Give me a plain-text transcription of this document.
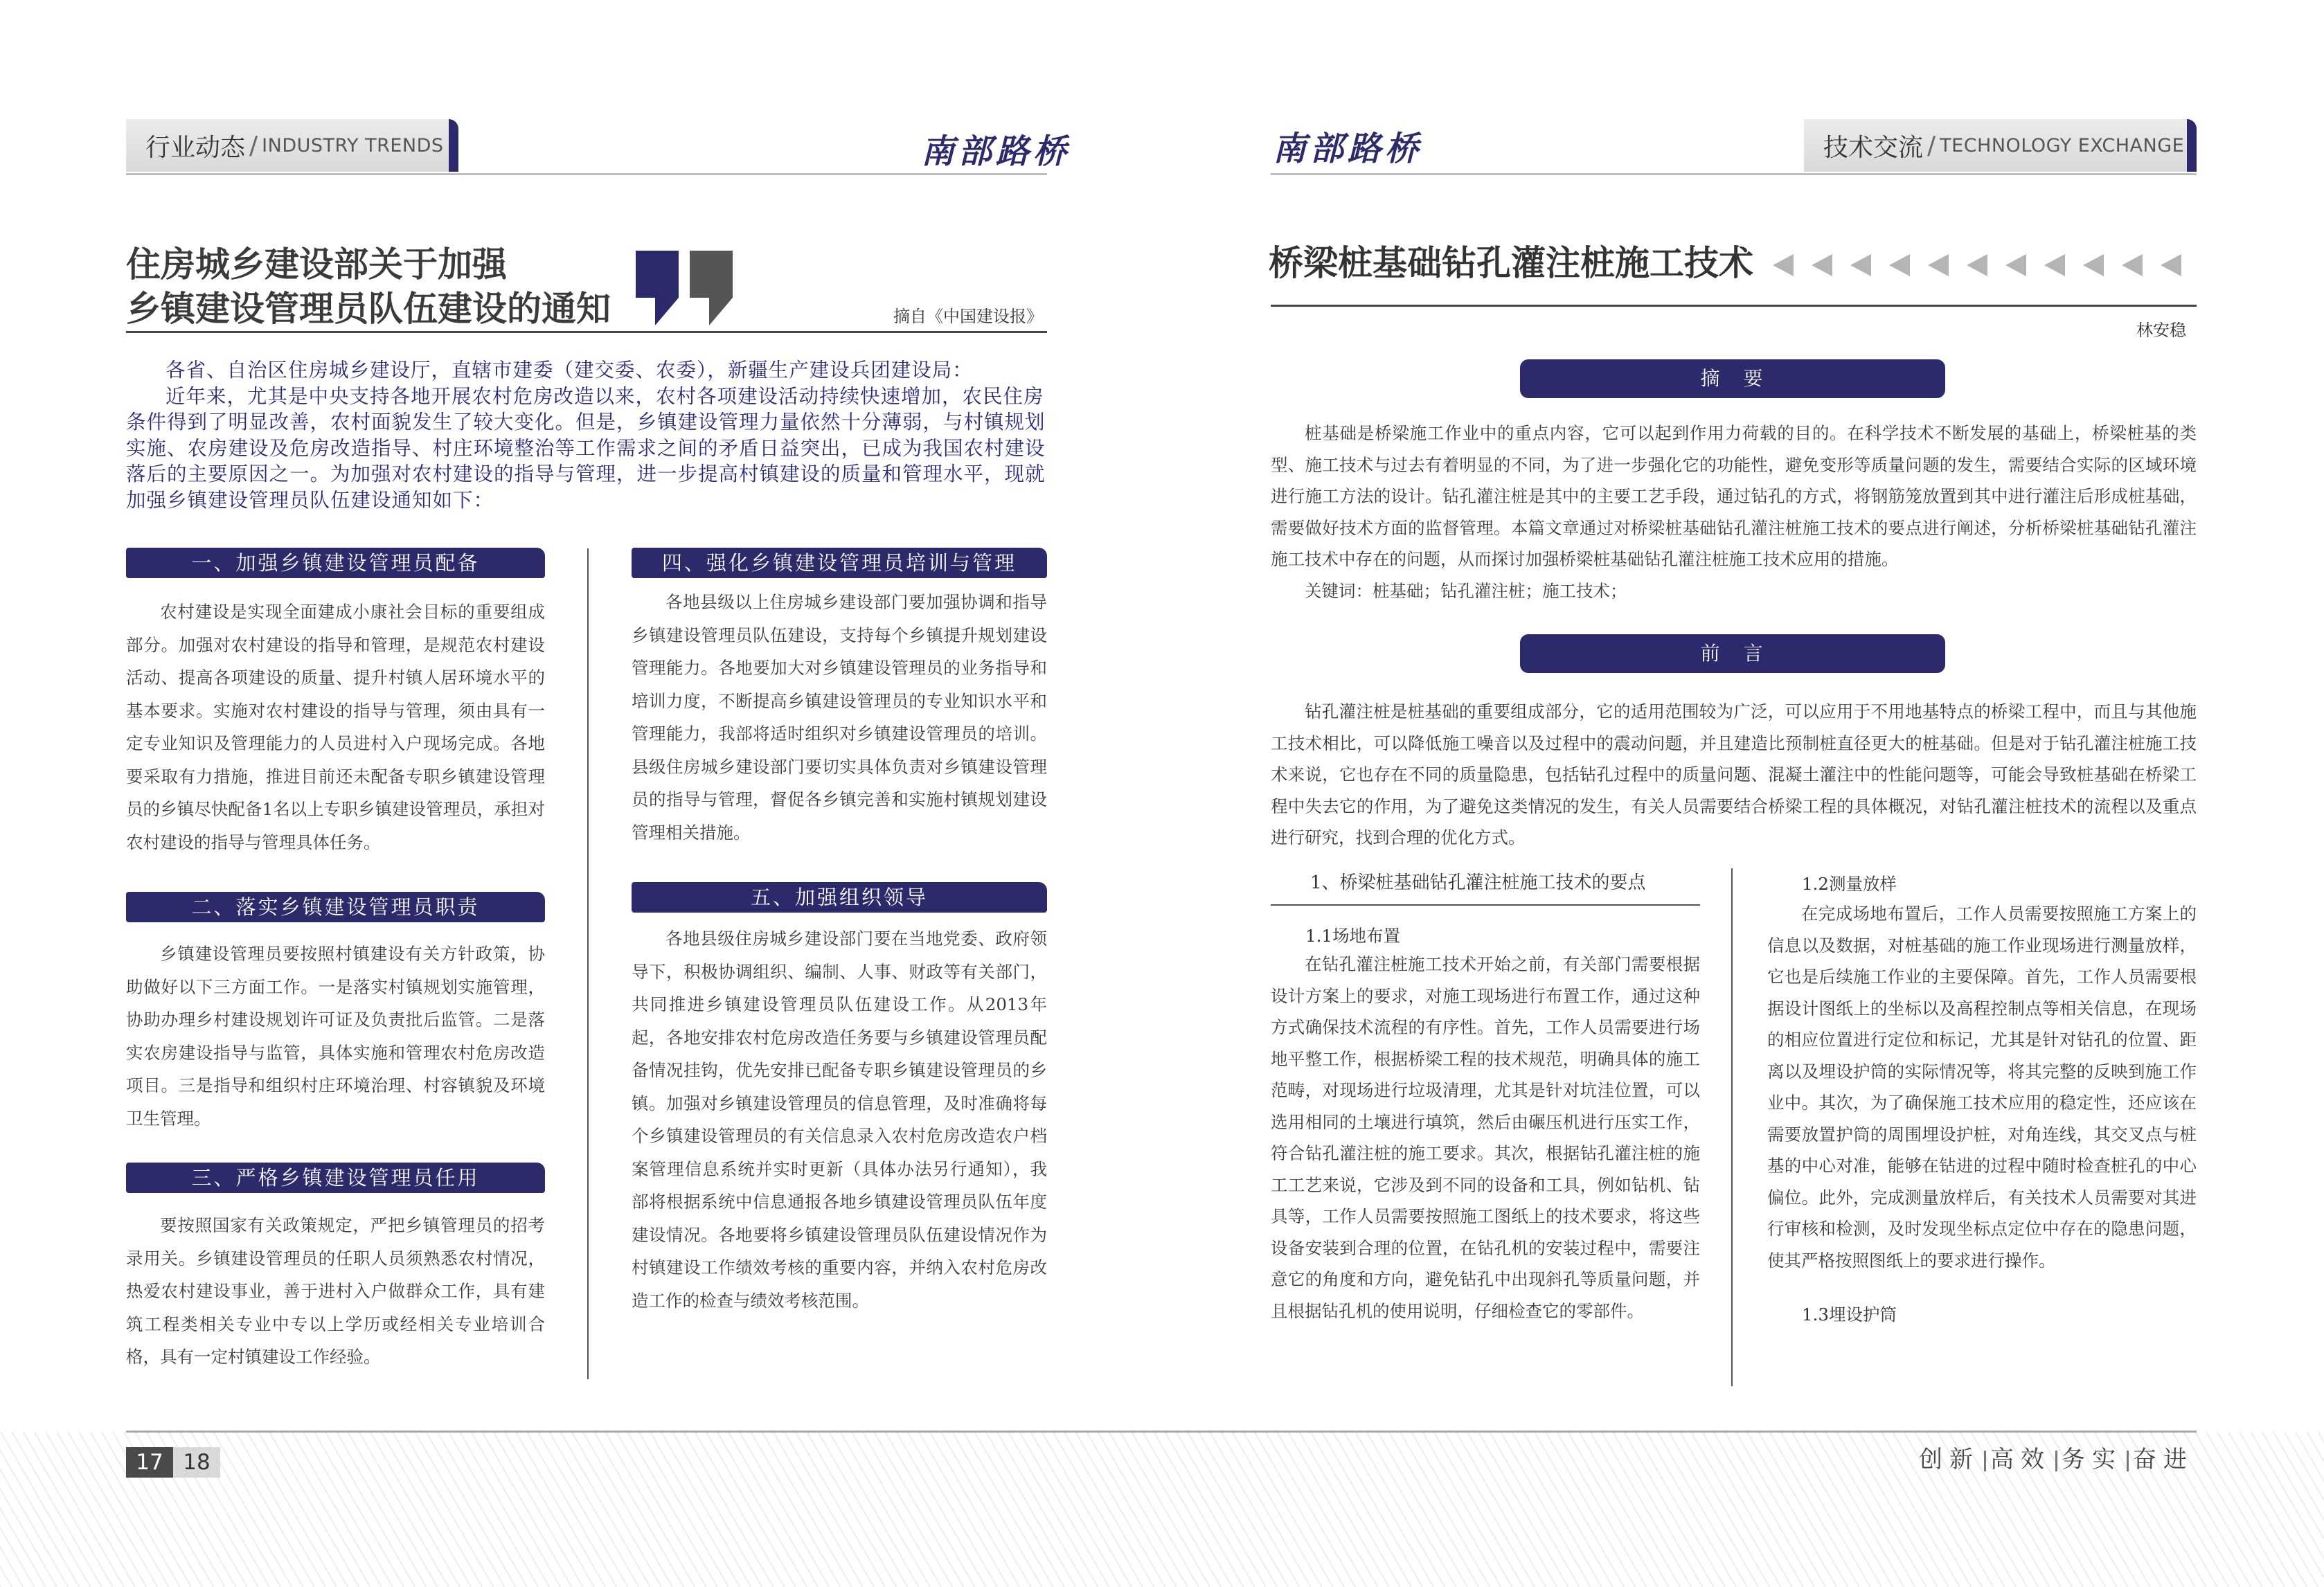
行业动态 / INDUSTRY TRENDS	南部路桥
住房城乡建设部关于加强
乡镇建设管理员队伍建设的通知	摘自《中国建设报》

各省、自治区住房城乡建设厅，直辖市建委（建交委、农委），新疆生产建设兵团建设局：

近年来，尤其是中央支持各地开展农村危房改造以来，农村各项建设活动持续快速增加，农民住房条件得到了明显改善，农村面貌发生了较大变化。但是，乡镇建设管理力量依然十分薄弱，与村镇规划实施、农房建设及危房改造指导、村庄环境整治等工作需求之间的矛盾日益突出，已成为我国农村建设落后的主要原因之一。为加强对农村建设的指导与管理，进一步提高村镇建设的质量和管理水平，现就加强乡镇建设管理员队伍建设通知如下：

一、加强乡镇建设管理员配备

农村建设是实现全面建成小康社会目标的重要组成部分。加强对农村建设的指导和管理，是规范农村建设活动、提高各项建设的质量、提升村镇人居环境水平的基本要求。实施对农村建设的指导与管理，须由具有一定专业知识及管理能力的人员进村入户现场完成。各地要采取有力措施，推进目前还未配备专职乡镇建设管理员的乡镇尽快配备1名以上专职乡镇建设管理员，承担对农村建设的指导与管理具体任务。

二、落实乡镇建设管理员职责

乡镇建设管理员要按照村镇建设有关方针政策，协助做好以下三方面工作。一是落实村镇规划实施管理，协助办理乡村建设规划许可证及负责批后监管。二是落实农房建设指导与监管，具体实施和管理农村危房改造项目。三是指导和组织村庄环境治理、村容镇貌及环境卫生管理。

三、严格乡镇建设管理员任用

要按照国家有关政策规定，严把乡镇管理员的招考录用关。乡镇建设管理员的任职人员须熟悉农村情况，热爱农村建设事业，善于进村入户做群众工作，具有建筑工程类相关专业中专以上学历或经相关专业培训合格，具有一定村镇建设工作经验。

四、强化乡镇建设管理员培训与管理

各地县级以上住房城乡建设部门要加强协调和指导乡镇建设管理员队伍建设，支持每个乡镇提升规划建设管理能力。各地要加大对乡镇建设管理员的业务指导和培训力度，不断提高乡镇建设管理员的专业知识水平和管理能力，我部将适时组织对乡镇建设管理员的培训。县级住房城乡建设部门要切实具体负责对乡镇建设管理员的指导与管理，督促各乡镇完善和实施村镇规划建设管理相关措施。

五、加强组织领导

各地县级住房城乡建设部门要在当地党委、政府领导下，积极协调组织、编制、人事、财政等有关部门，共同推进乡镇建设管理员队伍建设工作。从2013年起，各地安排农村危房改造任务要与乡镇建设管理员配备情况挂钩，优先安排已配备专职乡镇建设管理员的乡镇。加强对乡镇建设管理员的信息管理，及时准确将每个乡镇建设管理员的有关信息录入农村危房改造农户档案管理信息系统并实时更新（具体办法另行通知），我部将根据系统中信息通报各地乡镇建设管理员队伍年度建设情况。各地要将乡镇建设管理员队伍建设情况作为村镇建设工作绩效考核的重要内容，并纳入农村危房改造工作的检查与绩效考核范围。

南部路桥	技术交流 / TECHNOLOGY EXCHANGE
桥梁桩基础钻孔灌注桩施工技术
林安稳
摘　要

桩基础是桥梁施工作业中的重点内容，它可以起到作用力荷载的目的。在科学技术不断发展的基础上，桥梁桩基的类型、施工技术与过去有着明显的不同，为了进一步强化它的功能性，避免变形等质量问题的发生，需要结合实际的区域环境进行施工方法的设计。钻孔灌注桩是其中的主要工艺手段，通过钻孔的方式，将钢筋笼放置到其中进行灌注后形成桩基础，需要做好技术方面的监督管理。本篇文章通过对桥梁桩基础钻孔灌注桩施工技术的要点进行阐述，分析桥梁桩基础钻孔灌注施工技术中存在的问题，从而探讨加强桥梁桩基础钻孔灌注桩施工技术应用的措施。

关键词：桩基础；钻孔灌注桩；施工技术；

前　言

钻孔灌注桩是桩基础的重要组成部分，它的适用范围较为广泛，可以应用于不用地基特点的桥梁工程中，而且与其他施工技术相比，可以降低施工噪音以及过程中的震动问题，并且建造比预制桩直径更大的桩基础。但是对于钻孔灌注桩施工技术来说，它也存在不同的质量隐患，包括钻孔过程中的质量问题、混凝土灌注中的性能问题等，可能会导致桩基础在桥梁工程中失去它的作用，为了避免这类情况的发生，有关人员需要结合桥梁工程的具体概况，对钻孔灌注桩技术的流程以及重点进行研究，找到合理的优化方式。

1、桥梁桩基础钻孔灌注桩施工技术的要点
1.1场地布置

在钻孔灌注桩施工技术开始之前，有关部门需要根据设计方案上的要求，对施工现场进行布置工作，通过这种方式确保技术流程的有序性。首先，工作人员需要进行场地平整工作，根据桥梁工程的技术规范，明确具体的施工范畴，对现场进行垃圾清理，尤其是针对坑洼位置，可以选用相同的土壤进行填筑，然后由碾压机进行压实工作，符合钻孔灌注桩的施工要求。其次，根据钻孔灌注桩的施工工艺来说，它涉及到不同的设备和工具，例如钻机、钻具等，工作人员需要按照施工图纸上的技术要求，将这些设备安装到合理的位置，在钻孔机的安装过程中，需要注意它的角度和方向，避免钻孔中出现斜孔等质量问题，并且根据钻孔机的使用说明，仔细检查它的零部件。

1.2测量放样

在完成场地布置后，工作人员需要按照施工方案上的信息以及数据，对桩基础的施工作业现场进行测量放样，它也是后续施工作业的主要保障。首先，工作人员需要根据设计图纸上的坐标以及高程控制点等相关信息，在现场的相应位置进行定位和标记，尤其是针对钻孔的位置、距离以及埋设护筒的实际情况等，将其完整的反映到施工作业中。其次，为了确保施工技术应用的稳定性，还应该在需要放置护筒的周围埋设护桩，对角连线，其交叉点与桩基的中心对准，能够在钻进的过程中随时检查桩孔的中心偏位。此外，完成测量放样后，有关技术人员需要对其进行审核和检测，及时发现坐标点定位中存在的隐患问题，使其严格按照图纸上的要求进行操作。

1.3埋设护筒
17 18	创新 高效 务实 奋进
